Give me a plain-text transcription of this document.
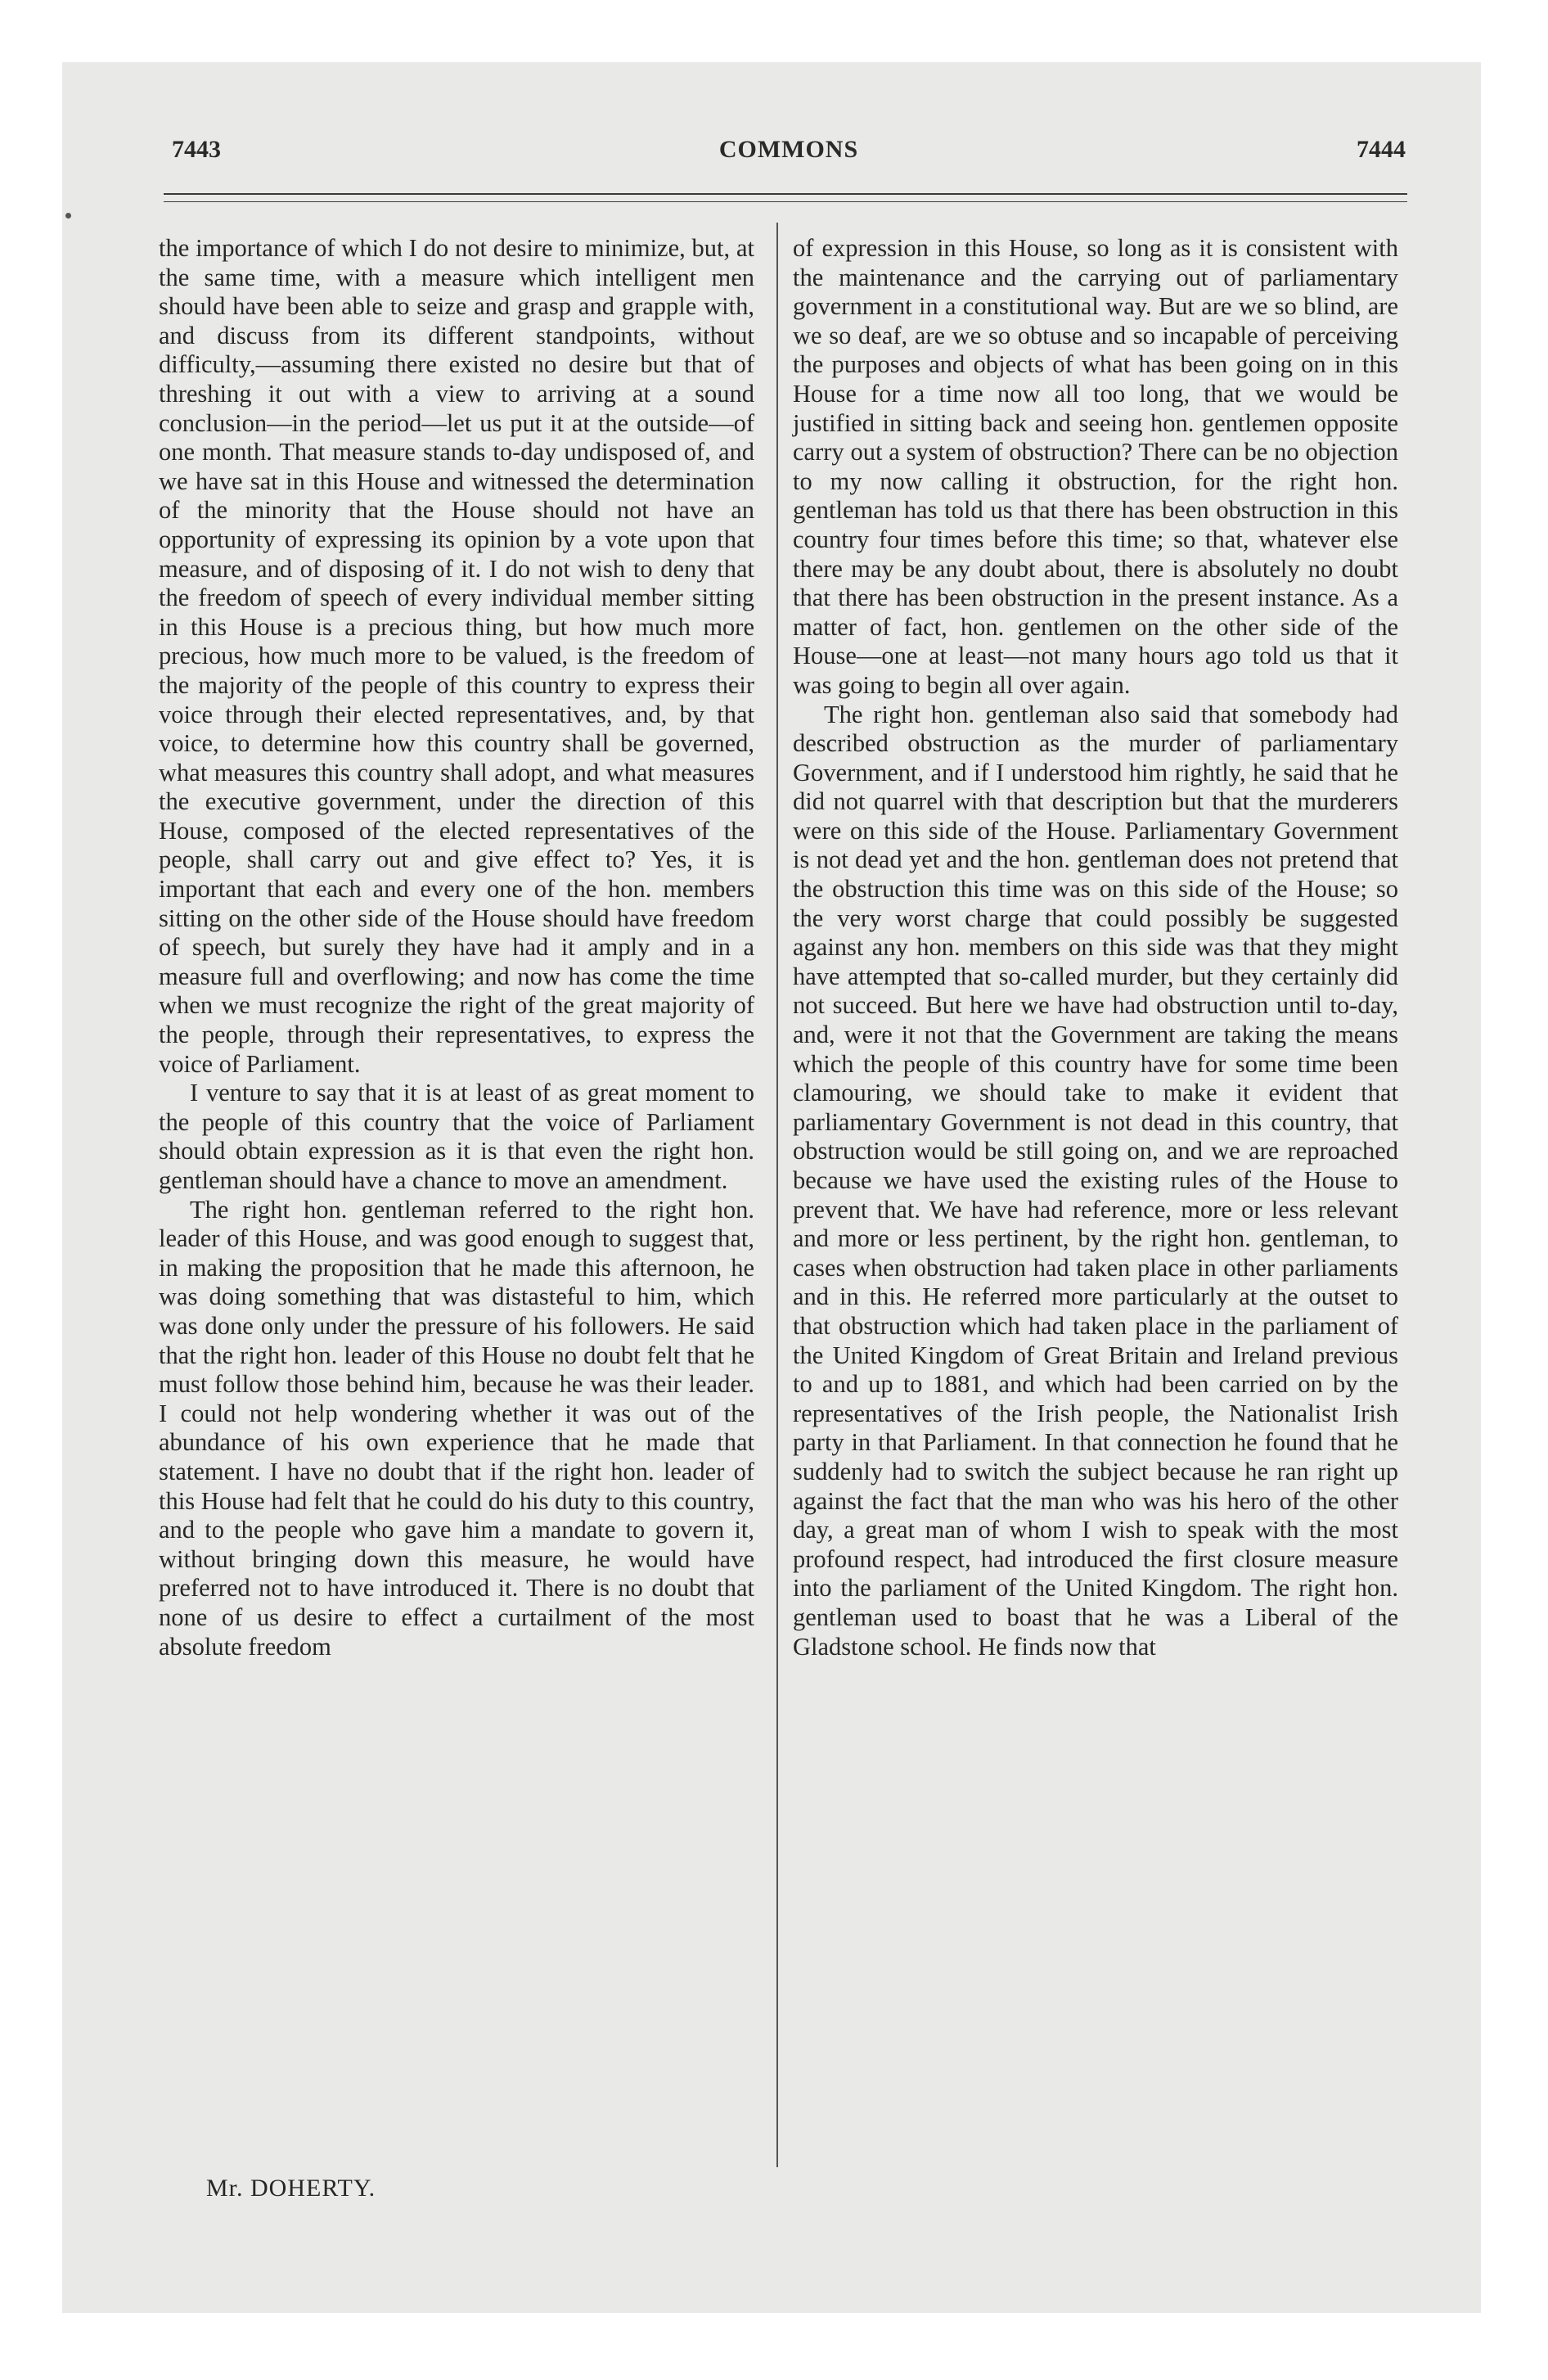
7443	COMMONS	7444

the importance of which I do not desire to minimize, but, at the same time, with a measure which intelligent men should have been able to seize and grasp and grapple with, and discuss from its different standpoints, without difficulty,—assuming there existed no desire but that of threshing it out with a view to arriving at a sound conclusion—in the period—let us put it at the outside—of one month. That measure stands to-day undisposed of, and we have sat in this House and witnessed the determination of the minority that the House should not have an opportunity of expressing its opinion by a vote upon that measure, and of disposing of it. I do not wish to deny that the freedom of speech of every individual member sitting in this House is a precious thing, but how much more precious, how much more to be valued, is the freedom of the majority of the people of this country to express their voice through their elected representatives, and, by that voice, to determine how this country shall be governed, what measures this country shall adopt, and what measures the executive government, under the direction of this House, composed of the elected representatives of the people, shall carry out and give effect to? Yes, it is important that each and every one of the hon. members sitting on the other side of the House should have freedom of speech, but surely they have had it amply and in a measure full and overflowing; and now has come the time when we must recognize the right of the great majority of the people, through their representatives, to express the voice of Parliament.

I venture to say that it is at least of as great moment to the people of this country that the voice of Parliament should obtain expression as it is that even the right hon. gentleman should have a chance to move an amendment.

The right hon. gentleman referred to the right hon. leader of this House, and was good enough to suggest that, in making the proposition that he made this afternoon, he was doing something that was distasteful to him, which was done only under the pressure of his followers. He said that the right hon. leader of this House no doubt felt that he must follow those behind him, because he was their leader. I could not help wondering whether it was out of the abundance of his own experience that he made that statement. I have no doubt that if the right hon. leader of this House had felt that he could do his duty to this country, and to the people who gave him a mandate to govern it, without bringing down this measure, he would have preferred not to have introduced it. There is no doubt that none of us desire to effect a curtailment of the most absolute freedom

of expression in this House, so long as it is consistent with the maintenance and the carrying out of parliamentary government in a constitutional way. But are we so blind, are we so deaf, are we so obtuse and so incapable of perceiving the purposes and objects of what has been going on in this House for a time now all too long, that we would be justified in sitting back and seeing hon. gentlemen opposite carry out a system of obstruction? There can be no objection to my now calling it obstruction, for the right hon. gentleman has told us that there has been obstruction in this country four times before this time; so that, whatever else there may be any doubt about, there is absolutely no doubt that there has been obstruction in the present instance. As a matter of fact, hon. gentlemen on the other side of the House—one at least—not many hours ago told us that it was going to begin all over again.

The right hon. gentleman also said that somebody had described obstruction as the murder of parliamentary Government, and if I understood him rightly, he said that he did not quarrel with that description but that the murderers were on this side of the House. Parliamentary Government is not dead yet and the hon. gentleman does not pretend that the obstruction this time was on this side of the House; so the very worst charge that could possibly be suggested against any hon. members on this side was that they might have attempted that so-called murder, but they certainly did not succeed. But here we have had obstruction until to-day, and, were it not that the Government are taking the means which the people of this country have for some time been clamouring, we should take to make it evident that parliamentary Government is not dead in this country, that obstruction would be still going on, and we are reproached because we have used the existing rules of the House to prevent that. We have had reference, more or less relevant and more or less pertinent, by the right hon. gentleman, to cases when obstruction had taken place in other parliaments and in this. He referred more particularly at the outset to that obstruction which had taken place in the parliament of the United Kingdom of Great Britain and Ireland previous to and up to 1881, and which had been carried on by the representatives of the Irish people, the Nationalist Irish party in that Parliament. In that connection he found that he suddenly had to switch the subject because he ran right up against the fact that the man who was his hero of the other day, a great man of whom I wish to speak with the most profound respect, had introduced the first closure measure into the parliament of the United Kingdom. The right hon. gentleman used to boast that he was a Liberal of the Gladstone school. He finds now that

Mr. DOHERTY.
